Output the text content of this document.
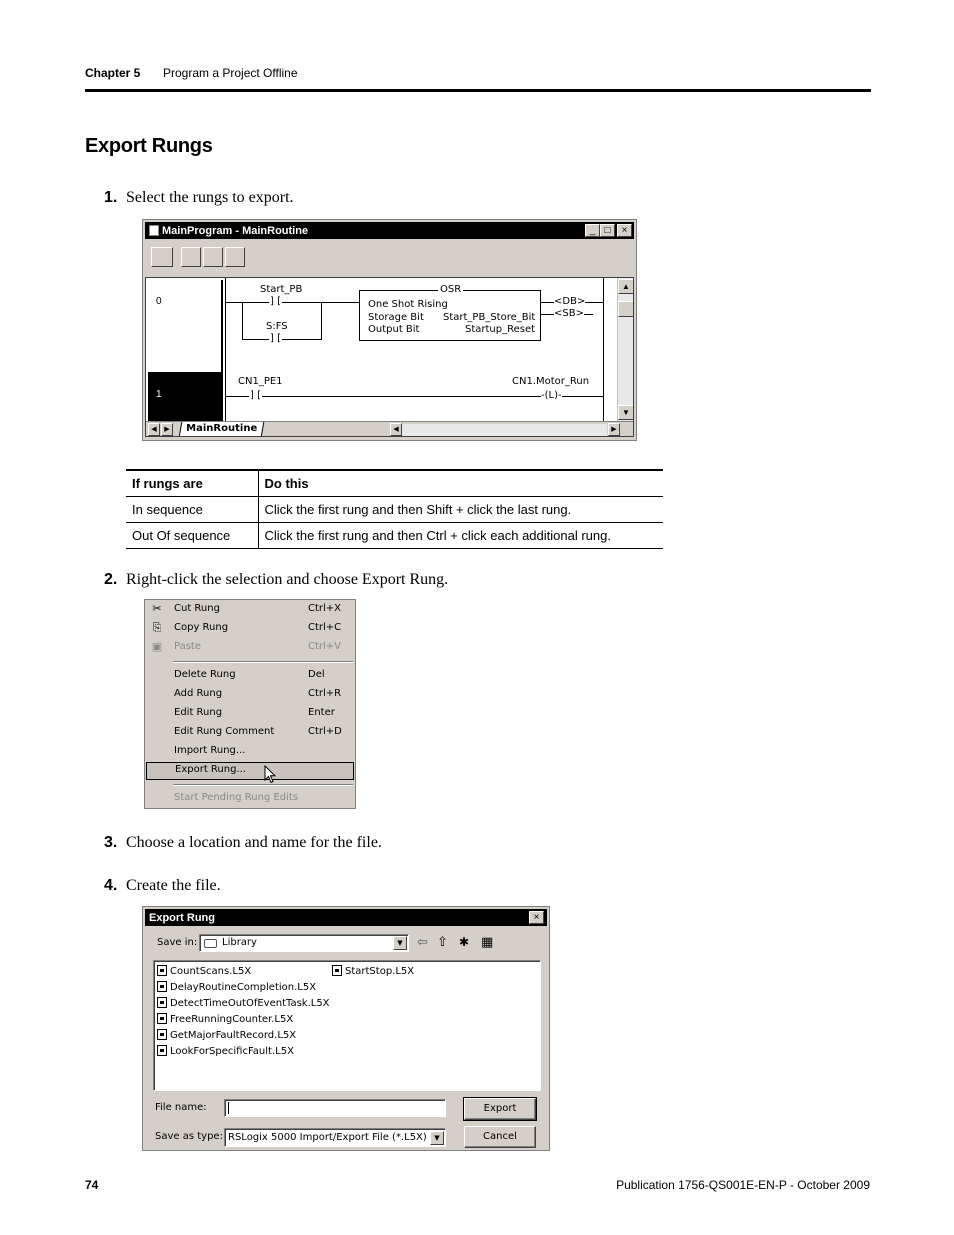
Chapter 5 Program a Project Offline
Export Rungs
1. Select the rungs to export.
MainProgram - MainRoutine	_ □	×
0
1
Start_PB
] [
S:FS
] [
OSR
One Shot Rising
Storage Bit Start_PB_Store_Bit
Output Bit	Startup_Reset
<DB>
<SB>
CN1_PE1
] [
CN1.Motor_Run
-(L)-
▲
▼
◀	▶	MainRoutine	◀	▶
If rungs are	Do this
In sequence	Click the first rung and then Shift + click the last rung.
Out Of sequence	Click the first rung and then Ctrl + click each additional rung.
2. Right-click the selection and choose Export Rung.
✂ Cut Rung	Ctrl+X
⎘ Copy Rung	Ctrl+C
▣ Paste	Ctrl+V
Delete Rung	Del
Add Rung	Ctrl+R
Edit Rung	Enter
Edit Rung Comment	Ctrl+D
Import Rung...
Export Rung...
Start Pending Rung Edits
3. Choose a location and name for the file.
4. Create the file.
Export Rung	×
Save in: Library	▼	⇦ ⇧ ✱ ▦
CountScans.L5X
DelayRoutineCompletion.L5X
DetectTimeOutOfEventTask.L5X
FreeRunningCounter.L5X
GetMajorFaultRecord.L5X
LookForSpecificFault.L5X
StartStop.L5X
File name:
Save as type: RSLogix 5000 Import/Export File (*.L5X)	▼
Export
Cancel
74	Publication 1756-QS001E-EN-P - October 2009
